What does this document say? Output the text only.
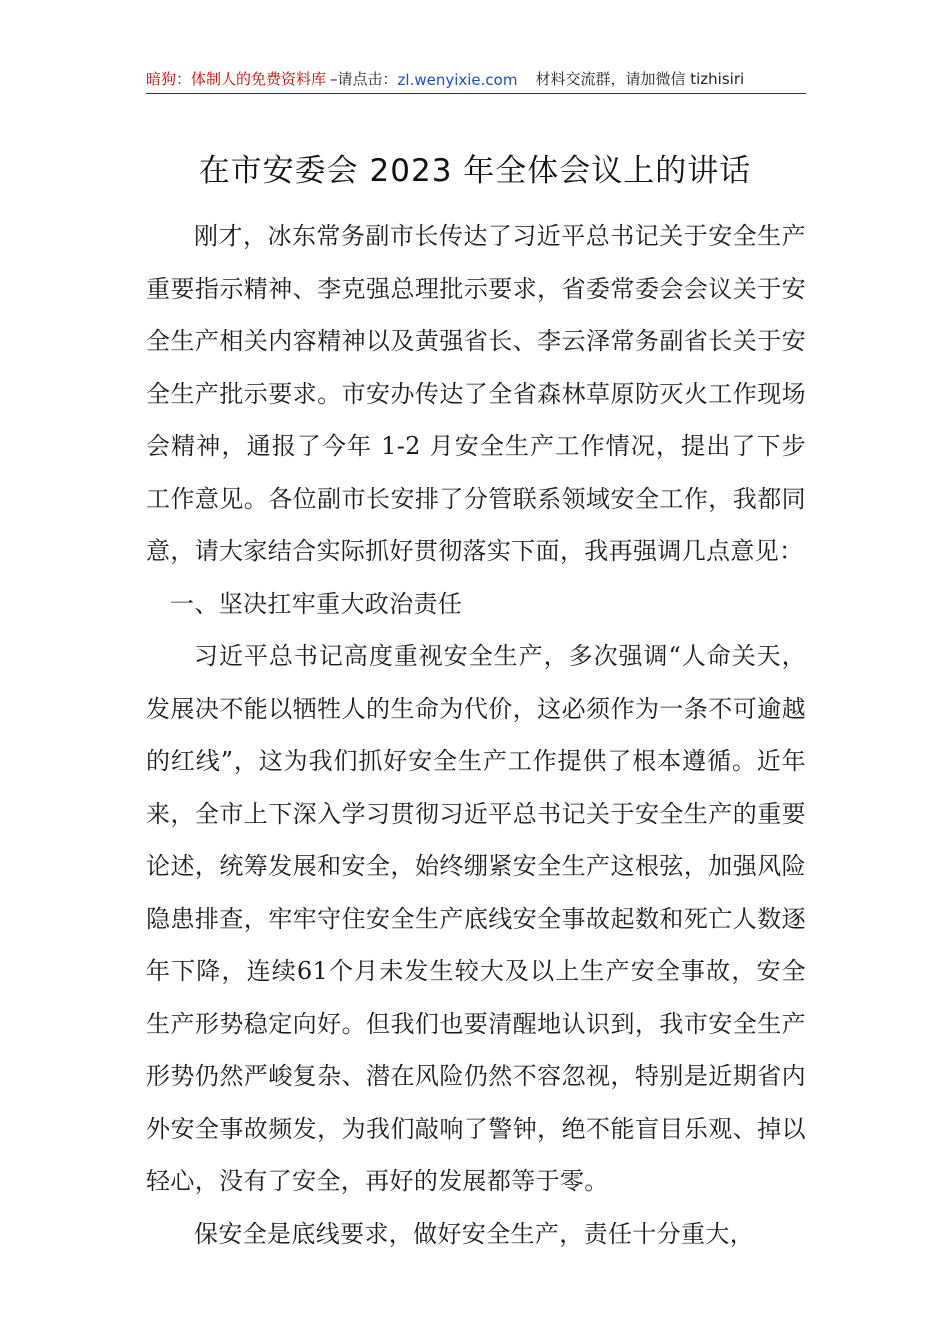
暗狗：体制人的免费资料库 –请点击： zl.wenyixie.com 材料交流群，请加微信 tizhisiri
在市安委会 2023 年全体会议上的讲话

刚才，冰东常务副市长传达了习近平总书记关于安全生产重要指示精神、李克强总理批示要求，省委常委会会议关于安全生产相关内容精神以及黄强省长、李云泽常务副省长关于安全生产批示要求。市安办传达了全省森林草原防灭火工作现场会精神，通报了今年 1-2 月安全生产工作情况，提出了下步工作意见。各位副市长安排了分管联系领域安全工作，我都同意，请大家结合实际抓好贯彻落实下面，我再强调几点意见：

一、坚决扛牢重大政治责任

习近平总书记高度重视安全生产，多次强调“人命关天，发展决不能以牺牲人的生命为代价，这必须作为一条不可逾越的红线”，这为我们抓好安全生产工作提供了根本遵循。近年来，全市上下深入学习贯彻习近平总书记关于安全生产的重要论述，统筹发展和安全，始终绷紧安全生产这根弦，加强风险隐患排查，牢牢守住安全生产底线安全事故起数和死亡人数逐年下降，连续61个月未发生较大及以上生产安全事故，安全生产形势稳定向好。但我们也要清醒地认识到，我市安全生产形势仍然严峻复杂、潜在风险仍然不容忽视，特别是近期省内外安全事故频发，为我们敲响了警钟，绝不能盲目乐观、掉以轻心，没有了安全，再好的发展都等于零。

保安全是底线要求，做好安全生产，责任十分重大，
